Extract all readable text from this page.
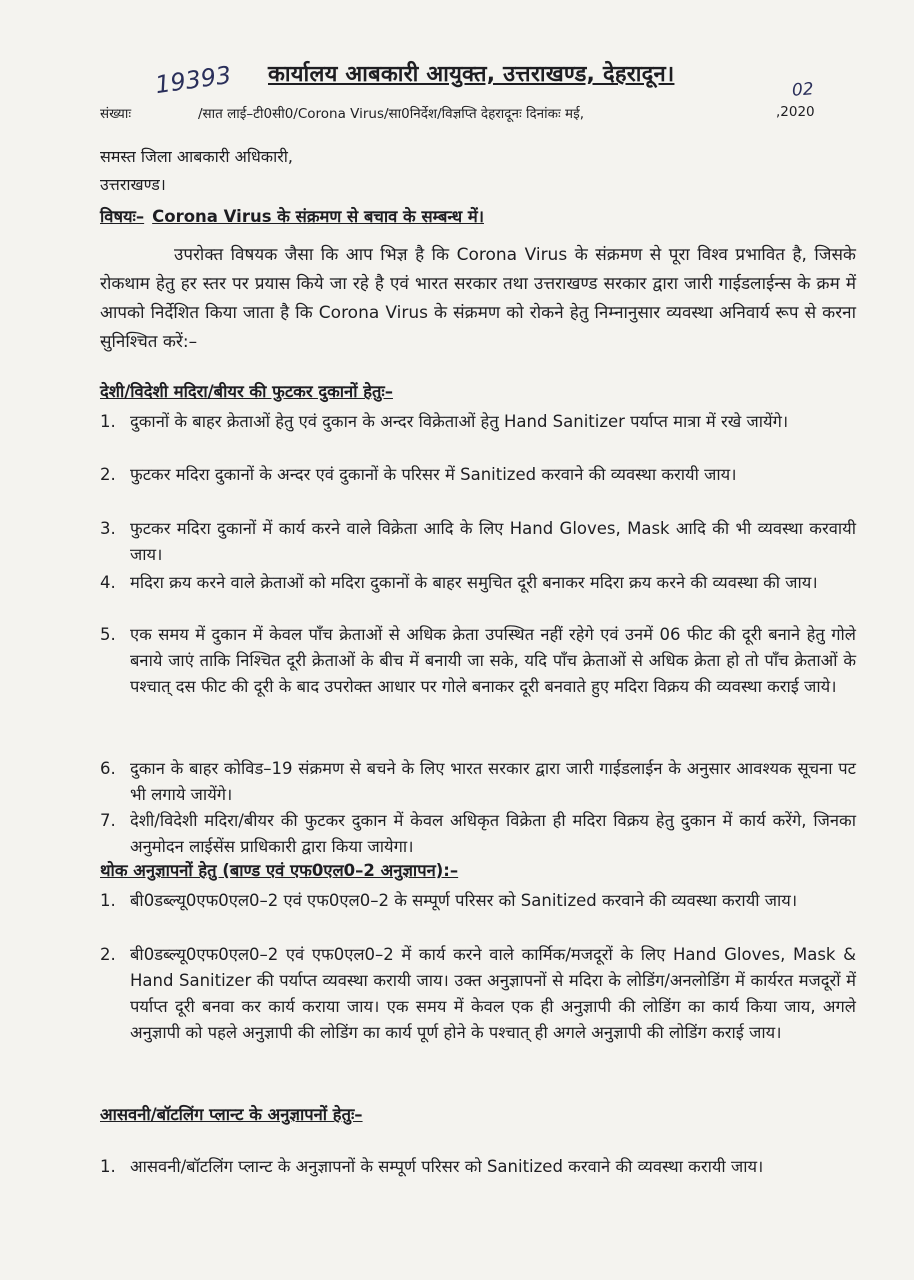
कार्यालय आबकारी आयुक्त, उत्तराखण्ड, देहरादून।
19393	02
संख्याः	/सात लाई–टी0सी0/Corona Virus/सा0निर्देश/विज्ञप्ति देहरादूनः दिनांकः मई,	,2020
समस्त जिला आबकारी अधिकारी,
उत्तराखण्ड।
विषयः– Corona Virus के संक्रमण से बचाव के सम्बन्ध में।

उपरोक्त विषयक जैसा कि आप भिज्ञ है कि Corona Virus के संक्रमण से पूरा विश्व प्रभावित है, जिसके रोकथाम हेतु हर स्तर पर प्रयास किये जा रहे है एवं भारत सरकार तथा उत्तराखण्ड सरकार द्वारा जारी गाईडलाईन्स के क्रम में आपको निर्देशित किया जाता है कि Corona Virus के संक्रमण को रोकने हेतु निम्नानुसार व्यवस्था अनिवार्य रूप से करना सुनिश्चित करें:–

देशी/विदेशी मदिरा/बीयर की फुटकर दुकानों हेतुः–
1. दुकानों के बाहर क्रेताओं हेतु एवं दुकान के अन्दर विक्रेताओं हेतु Hand Sanitizer पर्याप्त मात्रा में रखे जायेंगे।
2. फुटकर मदिरा दुकानों के अन्दर एवं दुकानों के परिसर में Sanitized करवाने की व्यवस्था करायी जाय।
3. फुटकर मदिरा दुकानों में कार्य करने वाले विक्रेता आदि के लिए Hand Gloves, Mask आदि की भी व्यवस्था करवायी जाय।
4. मदिरा क्रय करने वाले क्रेताओं को मदिरा दुकानों के बाहर समुचित दूरी बनाकर मदिरा क्रय करने की व्यवस्था की जाय।
5. एक समय में दुकान में केवल पाँच क्रेताओं से अधिक क्रेता उपस्थित नहीं रहेगे एवं उनमें 06 फीट की दूरी बनाने हेतु गोले बनाये जाएं ताकि निश्चित दूरी क्रेताओं के बीच में बनायी जा सके, यदि पाँच क्रेताओं से अधिक क्रेता हो तो पाँच क्रेताओं के पश्चात् दस फीट की दूरी के बाद उपरोक्त आधार पर गोले बनाकर दूरी बनवाते हुए मदिरा विक्रय की व्यवस्था कराई जाये।
6. दुकान के बाहर कोविड–19 संक्रमण से बचने के लिए भारत सरकार द्वारा जारी गाईडलाईन के अनुसार आवश्यक सूचना पट भी लगाये जायेंगे।
7. देशी/विदेशी मदिरा/बीयर की फुटकर दुकान में केवल अधिकृत विक्रेता ही मदिरा विक्रय हेतु दुकान में कार्य करेंगे, जिनका अनुमोदन लाईसेंस प्राधिकारी द्वारा किया जायेगा।
थोक अनुज्ञापनों हेतु (बाण्ड एवं एफ0एल0–2 अनुज्ञापन):–
1. बी0डब्ल्यू0एफ0एल0–2 एवं एफ0एल0–2 के सम्पूर्ण परिसर को Sanitized करवाने की व्यवस्था करायी जाय।
2. बी0डब्ल्यू0एफ0एल0–2 एवं एफ0एल0–2 में कार्य करने वाले कार्मिक/मजदूरों के लिए Hand Gloves, Mask & Hand Sanitizer की पर्याप्त व्यवस्था करायी जाय। उक्त अनुज्ञापनों से मदिरा के लोडिंग/अनलोडिंग में कार्यरत मजदूरों में पर्याप्त दूरी बनवा कर कार्य कराया जाय। एक समय में केवल एक ही अनुज्ञापी की लोडिंग का कार्य किया जाय, अगले अनुज्ञापी को पहले अनुज्ञापी की लोडिंग का कार्य पूर्ण होने के पश्चात् ही अगले अनुज्ञापी की लोडिंग कराई जाय।
आसवनी/बॉटलिंग प्लान्ट के अनुज्ञापनों हेतुः–
1. आसवनी/बॉटलिंग प्लान्ट के अनुज्ञापनों के सम्पूर्ण परिसर को Sanitized करवाने की व्यवस्था करायी जाय।
